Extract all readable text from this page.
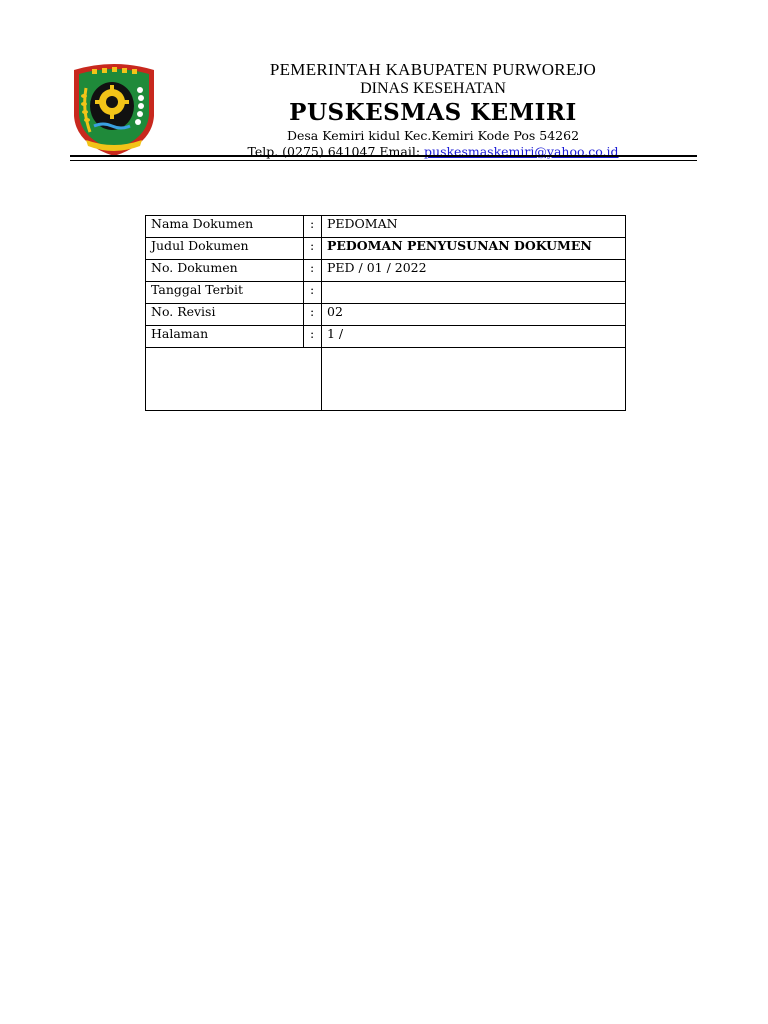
PEMERINTAH KABUPATEN PURWOREJO
DINAS KESEHATAN
PUSKESMAS KEMIRI
Desa Kemiri kidul Kec.Kemiri Kode Pos 54262
Telp. (0275) 641047 Email: puskesmaskemiri@yahoo.co.id
Nama Dokumen	:	PEDOMAN
Judul Dokumen	:	PEDOMAN PENYUSUNAN DOKUMEN
No. Dokumen	:	PED / 01 / 2022
Tanggal Terbit	:	
No. Revisi	:	02
Halaman	:	1 /
